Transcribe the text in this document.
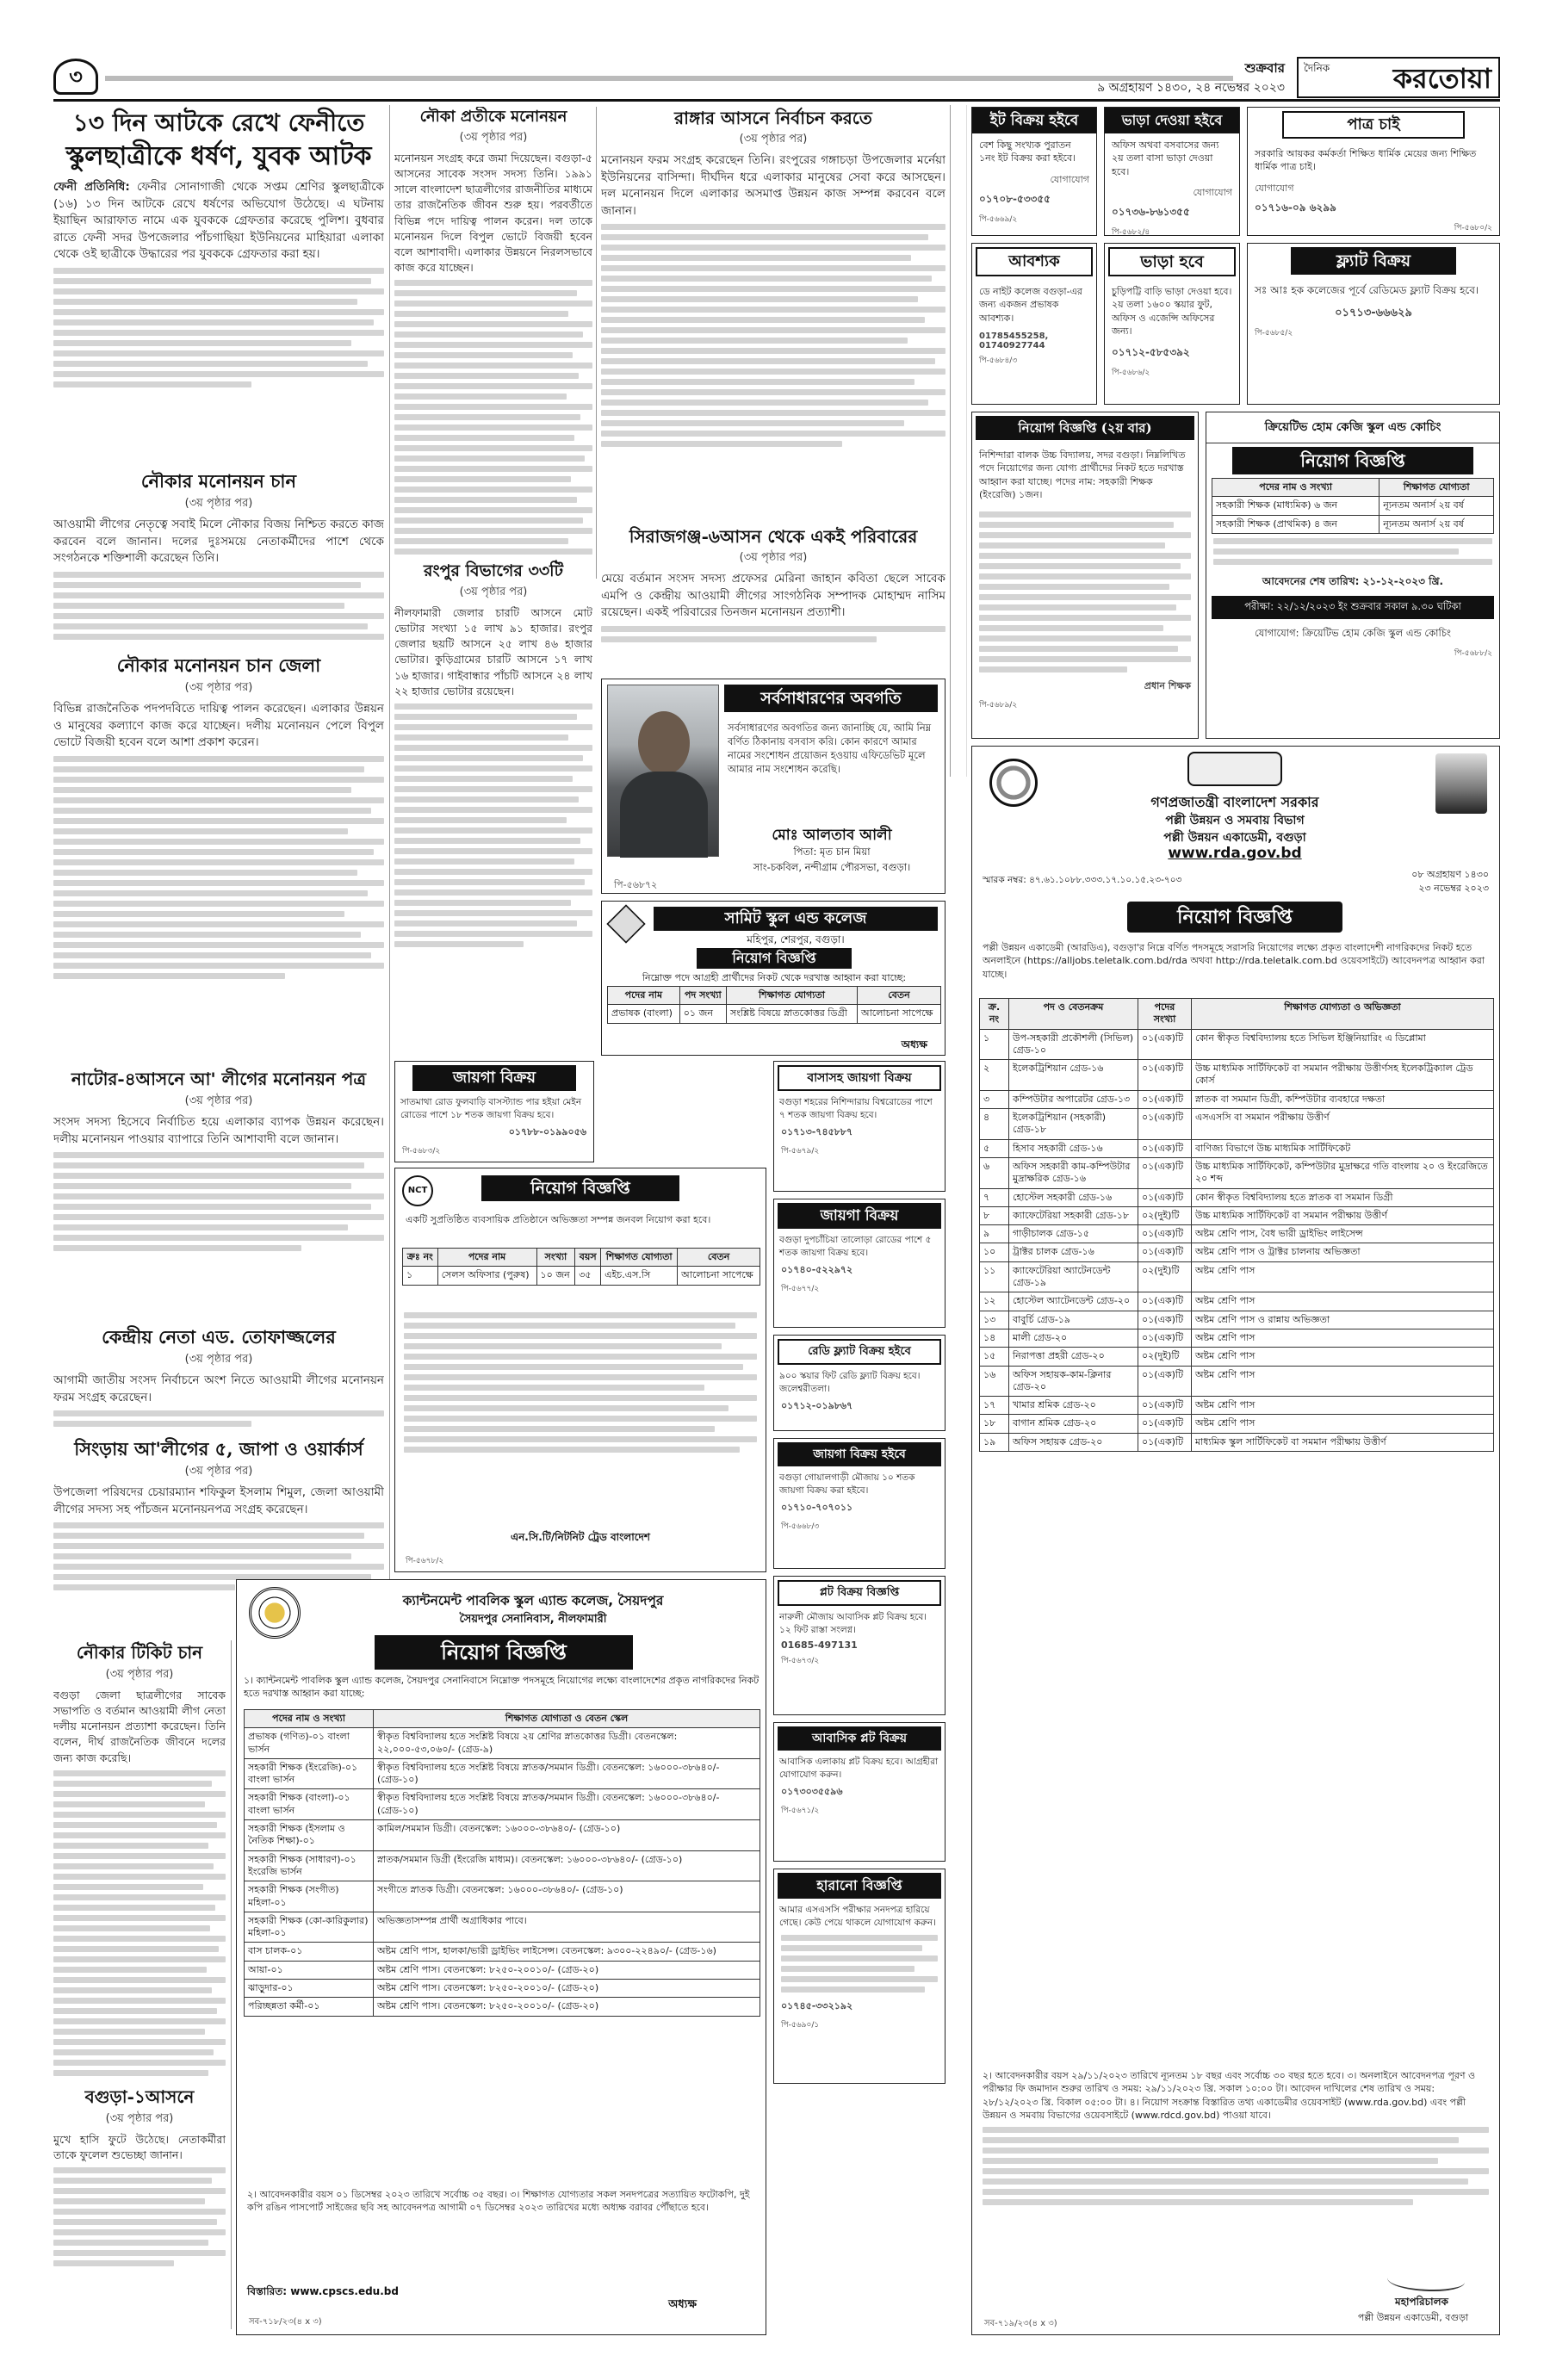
৩	শুক্রবার
৯ অগ্রহায়ণ ১৪৩০, ২৪ নভেম্বর ২০২৩
দৈনিক করতোয়া
১৩ দিন আটকে রেখে ফেনীতে
স্কুলছাত্রীকে ধর্ষণ, যুবক আটক
ফেনী প্রতিনিধি: ফেনীর সোনাগাজী থেকে সপ্তম শ্রেণির স্কুলছাত্রীকে (১৬) ১৩ দিন আটকে রেখে ধর্ষণের অভিযোগ উঠেছে। এ ঘটনায় ইয়াছিন আরাফাত নামে এক যুবককে গ্রেফতার করেছে পুলিশ। বুধবার রাতে ফেনী সদর উপজেলার পাঁচগাছিয়া ইউনিয়নের মাহিয়ারা এলাকা থেকে ওই ছাত্রীকে উদ্ধারের পর যুবককে গ্রেফতার করা হয়।
নৌকার মনোনয়ন চান
(৩য় পৃষ্ঠার পর)
আওয়ামী লীগের নেতৃত্বে সবাই মিলে নৌকার বিজয় নিশ্চিত করতে কাজ করবেন বলে জানান। দলের দুঃসময়ে নেতাকর্মীদের পাশে থেকে সংগঠনকে শক্তিশালী করেছেন তিনি।
নৌকার মনোনয়ন চান জেলা
(৩য় পৃষ্ঠার পর)
বিভিন্ন রাজনৈতিক পদপদবিতে দায়িত্ব পালন করেছেন। এলাকার উন্নয়ন ও মানুষের কল্যাণে কাজ করে যাচ্ছেন। দলীয় মনোনয়ন পেলে বিপুল ভোটে বিজয়ী হবেন বলে আশা প্রকাশ করেন।
নাটোর-৪আসনে আ' লীগের মনোনয়ন পত্র
(৩য় পৃষ্ঠার পর)
সংসদ সদস্য হিসেবে নির্বাচিত হয়ে এলাকার ব্যাপক উন্নয়ন করেছেন। দলীয় মনোনয়ন পাওয়ার ব্যাপারে তিনি আশাবাদী বলে জানান।
কেন্দ্রীয় নেতা এড. তোফাজ্জলের
(৩য় পৃষ্ঠার পর)
আগামী জাতীয় সংসদ নির্বাচনে অংশ নিতে আওয়ামী লীগের মনোনয়ন ফরম সংগ্রহ করেছেন।
সিংড়ায় আ'লীগের ৫, জাপা ও ওয়ার্কার্স
(৩য় পৃষ্ঠার পর)
উপজেলা পরিষদের চেয়ারম্যান শফিকুল ইসলাম শিমুল, জেলা আওয়ামী লীগের সদস্য সহ পাঁচজন মনোনয়নপত্র সংগ্রহ করেছেন।
নৌকার টিকিট চান
(৩য় পৃষ্ঠার পর)
বগুড়া জেলা ছাত্রলীগের সাবেক সভাপতি ও বর্তমান আওয়ামী লীগ নেতা দলীয় মনোনয়ন প্রত্যাশা করেছেন। তিনি বলেন, দীর্ঘ রাজনৈতিক জীবনে দলের জন্য কাজ করেছি।
বগুড়া-১আসনে
(৩য় পৃষ্ঠার পর)
মুখে হাসি ফুটে উঠেছে। নেতাকর্মীরা তাকে ফুলেল শুভেচ্ছা জানান।
নৌকা প্রতীকে মনোনয়ন
(৩য় পৃষ্ঠার পর)
মনোনয়ন সংগ্রহ করে জমা দিয়েছেন। বগুড়া-৫ আসনের সাবেক সংসদ সদস্য তিনি। ১৯৯১ সালে বাংলাদেশ ছাত্রলীগের রাজনীতির মাধ্যমে তার রাজনৈতিক জীবন শুরু হয়। পরবর্তীতে বিভিন্ন পদে দায়িত্ব পালন করেন। দল তাকে মনোনয়ন দিলে বিপুল ভোটে বিজয়ী হবেন বলে আশাবাদী। এলাকার উন্নয়নে নিরলসভাবে কাজ করে যাচ্ছেন।
রংপুর বিভাগের ৩৩টি
(৩য় পৃষ্ঠার পর)
নীলফামারী জেলার চারটি আসনে মোট ভোটার সংখ্যা ১৫ লাখ ৯১ হাজার। রংপুর জেলার ছয়টি আসনে ২৫ লাখ ৪৬ হাজার ভোটার। কুড়িগ্রামের চারটি আসনে ১৭ লাখ ১৬ হাজার। গাইবান্ধার পাঁচটি আসনে ২৪ লাখ ২২ হাজার ভোটার রয়েছেন।
রাঙ্গার আসনে নির্বাচন করতে
(৩য় পৃষ্ঠার পর)
মনোনয়ন ফরম সংগ্রহ করেছেন তিনি। রংপুরের গঙ্গাচড়া উপজেলার মর্নেয়া ইউনিয়নের বাসিন্দা। দীর্ঘদিন ধরে এলাকার মানুষের সেবা করে আসছেন। দল মনোনয়ন দিলে এলাকার অসমাপ্ত উন্নয়ন কাজ সম্পন্ন করবেন বলে জানান।
সিরাজগঞ্জ-৬আসন থেকে একই পরিবারের
(৩য় পৃষ্ঠার পর)
মেয়ে বর্তমান সংসদ সদস্য প্রফেসর মেরিনা জাহান কবিতা ছেলে সাবেক এমপি ও কেন্দ্রীয় আওয়ামী লীগের সাংগঠনিক সম্পাদক মোহাম্মদ নাসিম রয়েছেন। একই পরিবারের তিনজন মনোনয়ন প্রত্যাশী।
সর্বসাধারণের অবগতি
সর্বসাধারণের অবগতির জন্য জানাচ্ছি যে, আমি নিম্ন বর্ণিত ঠিকানায় বসবাস করি। কোন কারণে আমার নামের সংশোধন প্রয়োজন হওয়ায় এফিডেভিট মূলে আমার নাম সংশোধন করেছি।
মোঃ আলতাব আলী
পিতা: মৃত চান মিয়া
সাং-চকবিল, নন্দীগ্রাম পৌরসভা, বগুড়া।
পি-৫৬৮৭২
ইট বিক্রয় হইবে
বেশ কিছু সংখ্যক পুরাতন ১নং ইট বিক্রয় করা হইবে।
যোগাযোগ
০১৭০৮-৫৩৩৫৫
পি-৫৬৬৯/২
ভাড়া দেওয়া হইবে
অফিস অথবা বসবাসের জন্য ২য় তলা বাসা ভাড়া দেওয়া হবে।
যোগাযোগ
০১৭৩৬-৮৬১৩৫৫
পি-৫৬৮২/৪
পাত্র চাই
সরকারি আয়কর কর্মকর্তা শিক্ষিত ধার্মিক মেয়ের জন্য শিক্ষিত ধার্মিক পাত্র চাই।
যোগাযোগ
০১৭১৬-০৯ ৬২৯৯
পি-৫৬৮০/২
আবশ্যক
ডে নাইট কলেজ বগুড়া-এর জন্য একজন প্রভাষক আবশ্যক।
01785455258, 01740927744
পি-৫৬৮৪/৩
ভাড়া হবে
চুড়িপট্টি বাড়ি ভাড়া দেওয়া হবে। ২য় তলা ১৬০০ স্কয়ার ফুট, অফিস ও এজেন্সি অফিসের জন্য।
০১৭১২-৫৮৫৩৯২
পি-৫৬৮৬/২
ফ্ল্যাট বিক্রয়
সঃ আঃ হক কলেজের পূর্বে রেডিমেড ফ্ল্যাট বিক্রয় হবে।
০১৭১৩-৬৬৬২৯
পি-৫৬৮৫/২
নিয়োগ বিজ্ঞপ্তি (২য় বার)
নিশিন্দারা বালক উচ্চ বিদ্যালয়, সদর বগুড়া। নিম্নলিখিত পদে নিয়োগের জন্য যোগ্য প্রার্থীদের নিকট হতে দরখাস্ত আহ্বান করা যাচ্ছে। পদের নাম: সহকারী শিক্ষক (ইংরেজি) ১জন।
প্রধান শিক্ষক
পি-৫৬৮৯/২
ক্রিয়েটিভ হোম কেজি স্কুল এন্ড কোচিং
নিয়োগ বিজ্ঞপ্তি
পদের নাম ও সংখ্যা	শিক্ষাগত যোগ্যতা
সহকারী শিক্ষক (মাধ্যমিক) ৬ জন	ন্যূনতম অনার্স ২য় বর্ষ
সহকারী শিক্ষক (প্রাথমিক) ৪ জন	ন্যূনতম অনার্স ২য় বর্ষ
আবেদনের শেষ তারিখ: ২১-১২-২০২৩ খ্রি.
পরীক্ষা: ২২/১২/২০২৩ ইং শুক্রবার সকাল ৯.৩০ ঘটিকা
যোগাযোগ: ক্রিয়েটিভ হোম কেজি স্কুল এন্ড কোচিং
পি-৫৬৮৮/২
গণপ্রজাতন্ত্রী বাংলাদেশ সরকার
পল্লী উন্নয়ন ও সমবায় বিভাগ
পল্লী উন্নয়ন একাডেমী, বগুড়া
www.rda.gov.bd
স্মারক নম্বর: ৪৭.৬১.১০৮৮.৩৩৩.১৭.১০.১৫.২৩-৭০৩	০৮ অগ্রহায়ণ ১৪৩০
২৩ নভেম্বর ২০২৩
নিয়োগ বিজ্ঞপ্তি
পল্লী উন্নয়ন একাডেমী (আরডিএ), বগুড়া'র নিম্নে বর্ণিত পদসমূহে সরাসরি নিয়োগের লক্ষ্যে প্রকৃত বাংলাদেশী নাগরিকদের নিকট হতে অনলাইনে (https://alljobs.teletalk.com.bd/rda অথবা http://rda.teletalk.com.bd ওয়েবসাইটে) আবেদনপত্র আহ্বান করা যাচ্ছে।
ক্র. নং	পদ ও বেতনক্রম	পদের সংখ্যা	শিক্ষাগত যোগ্যতা ও অভিজ্ঞতা
১	উপ-সহকারী প্রকৌশলী (সিভিল) গ্রেড-১০	০১(এক)টি	কোন স্বীকৃত বিশ্ববিদ্যালয় হতে সিভিল ইঞ্জিনিয়ারিং এ ডিপ্লোমা
২	ইলেকট্রিশিয়ান গ্রেড-১৬	০১(এক)টি	উচ্চ মাধ্যমিক সার্টিফিকেট বা সমমান পরীক্ষায় উত্তীর্ণসহ ইলেকট্রিক্যাল ট্রেড কোর্স
৩	কম্পিউটার অপারেটর গ্রেড-১৩	০১(এক)টি	স্নাতক বা সমমান ডিগ্রী, কম্পিউটার ব্যবহারে দক্ষতা
৪	ইলেকট্রিশিয়ান (সহকারী) গ্রেড-১৮	০১(এক)টি	এসএসসি বা সমমান পরীক্ষায় উত্তীর্ণ
৫	হিসাব সহকারী গ্রেড-১৬	০১(এক)টি	বাণিজ্য বিভাগে উচ্চ মাধ্যমিক সার্টিফিকেট
৬	অফিস সহকারী কাম-কম্পিউটার মুদ্রাক্ষরিক গ্রেড-১৬	০১(এক)টি	উচ্চ মাধ্যমিক সার্টিফিকেট, কম্পিউটার মুদ্রাক্ষরে গতি বাংলায় ২০ ও ইংরেজিতে ২০ শব্দ
৭	হোস্টেল সহকারী গ্রেড-১৬	০১(এক)টি	কোন স্বীকৃত বিশ্ববিদ্যালয় হতে স্নাতক বা সমমান ডিগ্রী
৮	ক্যাফেটেরিয়া সহকারী গ্রেড-১৮	০২(দুই)টি	উচ্চ মাধ্যমিক সার্টিফিকেট বা সমমান পরীক্ষায় উত্তীর্ণ
৯	গাড়ীচালক গ্রেড-১৫	০১(এক)টি	অষ্টম শ্রেণি পাস, বৈধ ভারী ড্রাইভিং লাইসেন্স
১০	ট্রাক্টর চালক গ্রেড-১৬	০১(এক)টি	অষ্টম শ্রেণি পাস ও ট্রাক্টর চালনায় অভিজ্ঞতা
১১	ক্যাফেটেরিয়া অ্যাটেনডেন্ট গ্রেড-১৯	০২(দুই)টি	অষ্টম শ্রেণি পাস
১২	হোস্টেল অ্যাটেনডেন্ট গ্রেড-২০	০১(এক)টি	অষ্টম শ্রেণি পাস
১৩	বাবুর্চি গ্রেড-১৯	০১(এক)টি	অষ্টম শ্রেণি পাস ও রান্নায় অভিজ্ঞতা
১৪	মালী গ্রেড-২০	০১(এক)টি	অষ্টম শ্রেণি পাস
১৫	নিরাপত্তা প্রহরী গ্রেড-২০	০২(দুই)টি	অষ্টম শ্রেণি পাস
১৬	অফিস সহায়ক-কাম-ক্লিনার গ্রেড-২০	০১(এক)টি	অষ্টম শ্রেণি পাস
১৭	খামার শ্রমিক গ্রেড-২০	০১(এক)টি	অষ্টম শ্রেণি পাস
১৮	বাগান শ্রমিক গ্রেড-২০	০১(এক)টি	অষ্টম শ্রেণি পাস
১৯	অফিস সহায়ক গ্রেড-২০	০১(এক)টি	মাধ্যমিক স্কুল সার্টিফিকেট বা সমমান পরীক্ষায় উত্তীর্ণ
২। আবেদনকারীর বয়স ২৯/১১/২০২৩ তারিখে ন্যূনতম ১৮ বছর এবং সর্বোচ্চ ৩০ বছর হতে হবে। ৩। অনলাইনে আবেদনপত্র পূরণ ও পরীক্ষার ফি জমাদান শুরুর তারিখ ও সময়: ২৯/১১/২০২৩ খ্রি. সকাল ১০:০০ টা। আবেদন দাখিলের শেষ তারিখ ও সময়: ২৮/১২/২০২৩ খ্রি. বিকাল ০৫:০০ টা। ৪। নিয়োগ সংক্রান্ত বিস্তারিত তথ্য একাডেমীর ওয়েবসাইট (www.rda.gov.bd) এবং পল্লী উন্নয়ন ও সমবায় বিভাগের ওয়েবসাইটে (www.rdcd.gov.bd) পাওয়া যাবে।
মহাপরিচালক
পল্লী উন্নয়ন একাডেমী, বগুড়া
সব-৭১৯/২৩(৪ x ৩)
সামিট স্কুল এন্ড কলেজ
মহিপুর, শেরপুর, বগুড়া।
নিয়োগ বিজ্ঞপ্তি
নিম্নোক্ত পদে আগ্রহী প্রার্থীদের নিকট থেকে দরখাস্ত আহ্বান করা যাচ্ছে:
পদের নাম	পদ সংখ্যা	শিক্ষাগত যোগ্যতা	বেতন
প্রভাষক (বাংলা)	০১ জন	সংশ্লিষ্ট বিষয়ে স্নাতকোত্তর ডিগ্রী	আলোচনা সাপেক্ষে
অধ্যক্ষ
জায়গা বিক্রয়
সাতমাথা রোড ফুলবাড়ি বাসস্ট্যান্ড পার হইয়া মেইন রোডের পাশে ১৮ শতক জায়গা বিক্রয় হবে।
০১৭৮৮-০১৯৯০৫৬
পি-৫৬৮৩/২
NCT	নিয়োগ বিজ্ঞপ্তি
একটি সুপ্রতিষ্ঠিত ব্যবসায়িক প্রতিষ্ঠানে অভিজ্ঞতা সম্পন্ন জনবল নিয়োগ করা হবে।
ক্রঃ নং	পদের নাম	সংখ্যা	বয়স	শিক্ষাগত যোগ্যতা	বেতন
১	সেলস অফিসার (পুরুষ)	১০ জন	৩৫	এইচ.এস.সি	আলোচনা সাপেক্ষে
এন.সি.টি/নিটনিট ট্রেড বাংলাদেশ
পি-৫৬৭৮/২
বাসাসহ জায়গা বিক্রয়
বগুড়া শহরের নিশিন্দারায় বিশ্বরোডের পাশে ৭ শতক জায়গা বিক্রয় হবে।
০১৭১৩-৭৪৫৮৮৭
পি-৫৬৭৯/২
জায়গা বিক্রয়
বগুড়া দুপচাঁচিয়া তালোড়া রোডের পাশে ৫ শতক জায়গা বিক্রয় হবে।
০১৭৪০-৫২২৯৭২
পি-৫৬৭৭/২
রেডি ফ্ল্যাট বিক্রয় হইবে
৯০০ স্কয়ার ফিট রেডি ফ্ল্যাট বিক্রয় হবে। জলেশ্বরীতলা।
০১৭১২-০১৯৮৬৭
জায়গা বিক্রয় হইবে
বগুড়া গোয়ালগাড়ী মৌজায় ১০ শতক জায়গা বিক্রয় করা হইবে।
০১৭১০-৭০৭০১১
পি-৫৬৬৮/৩
প্লট বিক্রয় বিজ্ঞপ্তি
নারুলী মৌজায় আবাসিক প্লট বিক্রয় হবে। ১২ ফিট রাস্তা সংলগ্ন।
01685-497131
পি-৫৬৭৩/২
আবাসিক প্লট বিক্রয়
আবাসিক এলাকায় প্লট বিক্রয় হবে। আগ্রহীরা যোগাযোগ করুন।
০১৭৩০৩৫৫৯৬
পি-৫৬৭১/২
হারানো বিজ্ঞপ্তি
আমার এসএসসি পরীক্ষার সনদপত্র হারিয়ে গেছে। কেউ পেয়ে থাকলে যোগাযোগ করুন।
০১৭৪৫-৩৩২১৯২
পি-৫৬৯০/১
ক্যান্টনমেন্ট পাবলিক স্কুল এ্যান্ড কলেজ, সৈয়দপুর
সৈয়দপুর সেনানিবাস, নীলফামারী
নিয়োগ বিজ্ঞপ্তি
১। ক্যান্টনমেন্ট পাবলিক স্কুল এ্যান্ড কলেজ, সৈয়দপুর সেনানিবাসে নিম্নোক্ত পদসমূহে নিয়োগের লক্ষ্যে বাংলাদেশের প্রকৃত নাগরিকদের নিকট হতে দরখাস্ত আহ্বান করা যাচ্ছে:
পদের নাম ও সংখ্যা	শিক্ষাগত যোগ্যতা ও বেতন স্কেল
প্রভাষক (গণিত)-০১ বাংলা ভার্সন	স্বীকৃত বিশ্ববিদ্যালয় হতে সংশ্লিষ্ট বিষয়ে ২য় শ্রেণির স্নাতকোত্তর ডিগ্রী। বেতনস্কেল: ২২,০০০-৫৩,০৬০/- (গ্রেড-৯)
সহকারী শিক্ষক (ইংরেজি)-০১ বাংলা ভার্সন	স্বীকৃত বিশ্ববিদ্যালয় হতে সংশ্লিষ্ট বিষয়ে স্নাতক/সমমান ডিগ্রী। বেতনস্কেল: ১৬০০০-৩৮৬৪০/- (গ্রেড-১০)
সহকারী শিক্ষক (বাংলা)-০১ বাংলা ভার্সন	স্বীকৃত বিশ্ববিদ্যালয় হতে সংশ্লিষ্ট বিষয়ে স্নাতক/সমমান ডিগ্রী। বেতনস্কেল: ১৬০০০-৩৮৬৪০/- (গ্রেড-১০)
সহকারী শিক্ষক (ইসলাম ও নৈতিক শিক্ষা)-০১	কামিল/সমমান ডিগ্রী। বেতনস্কেল: ১৬০০০-৩৮৬৪০/- (গ্রেড-১০)
সহকারী শিক্ষক (সাধারণ)-০১ ইংরেজি ভার্সন	স্নাতক/সমমান ডিগ্রী (ইংরেজি মাধ্যম)। বেতনস্কেল: ১৬০০০-৩৮৬৪০/- (গ্রেড-১০)
সহকারী শিক্ষক (সংগীত) মহিলা-০১	সংগীতে স্নাতক ডিগ্রী। বেতনস্কেল: ১৬০০০-৩৮৬৪০/- (গ্রেড-১০)
সহকারী শিক্ষক (কো-কারিকুলার) মহিলা-০১	অভিজ্ঞতাসম্পন্ন প্রার্থী অগ্রাধিকার পাবে।
বাস চালক-০১	অষ্টম শ্রেণি পাস, হালকা/ভারী ড্রাইভিং লাইসেন্স। বেতনস্কেল: ৯৩০০-২২৪৯০/- (গ্রেড-১৬)
আয়া-০১	অষ্টম শ্রেণি পাস। বেতনস্কেল: ৮২৫০-২০০১০/- (গ্রেড-২০)
ঝাড়ুদার-০১	অষ্টম শ্রেণি পাস। বেতনস্কেল: ৮২৫০-২০০১০/- (গ্রেড-২০)
পরিচ্ছন্নতা কর্মী-০১	অষ্টম শ্রেণি পাস। বেতনস্কেল: ৮২৫০-২০০১০/- (গ্রেড-২০)
২। আবেদনকারীর বয়স ০১ ডিসেম্বর ২০২৩ তারিখে সর্বোচ্চ ৩৫ বছর। ৩। শিক্ষাগত যোগ্যতার সকল সনদপত্রের সত্যায়িত ফটোকপি, দুই কপি রঙিন পাসপোর্ট সাইজের ছবি সহ আবেদনপত্র আগামী ০৭ ডিসেম্বর ২০২৩ তারিখের মধ্যে অধ্যক্ষ বরাবর পৌঁছাতে হবে।
বিস্তারিত: www.cpscs.edu.bd
অধ্যক্ষ
সব-৭১৮/২৩(৪ x ৩)
